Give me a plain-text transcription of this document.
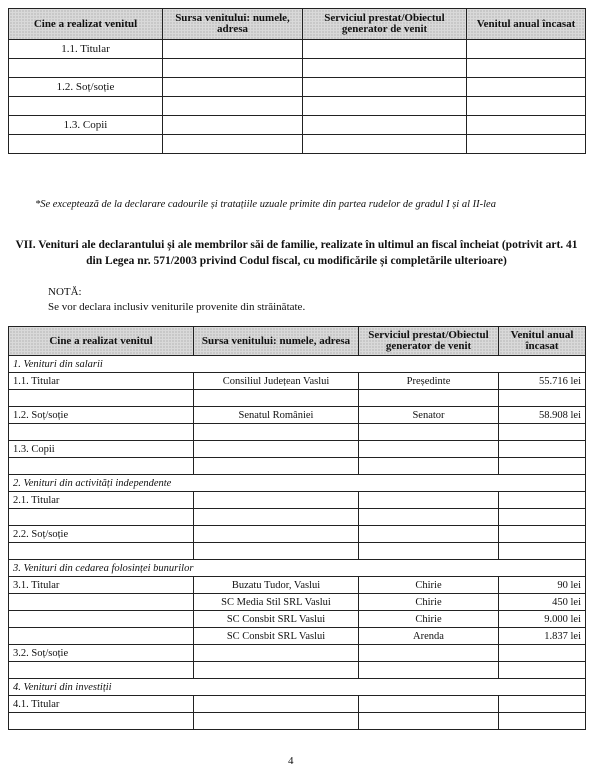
Cine a realizat venitul	Sursa venitului: numele, adresa	Serviciul prestat/Obiectul generator de venit	Venitul anual încasat
1.1. Titular			

1.2. Soț/soție			

1.3. Copii			

*Se exceptează de la declarare cadourile și tratațiile uzuale primite din partea rudelor de gradul I și al II-lea
VII. Venituri ale declarantului și ale membrilor săi de familie, realizate în ultimul an fiscal încheiat (potrivit art. 41 din Legea nr. 571/2003 privind Codul fiscal, cu modificările și completările ulterioare)
NOTĂ:
Se vor declara inclusiv veniturile provenite din străinătate.
Cine a realizat venitul	Sursa venitului: numele, adresa	Serviciul prestat/Obiectul generator de venit	Venitul anual încasat
1. Venituri din salarii			
1.1. Titular	Consiliul Județean Vaslui	Președinte	55.716 lei

1.2. Soț/soție	Senatul României	Senator	58.908 lei

1.3. Copii			

2. Venituri din activități independente			
2.1. Titular			

2.2. Soț/soție			

3. Venituri din cedarea folosinței bunurilor			
3.1. Titular	Buzatu Tudor, Vaslui	Chirie	90 lei
	SC Media Stil SRL Vaslui	Chirie	450 lei
	SC Consbit SRL Vaslui	Chirie	9.000 lei
	SC Consbit SRL Vaslui	Arenda	1.837 lei
3.2. Soț/soție			

4. Venituri din investiții			
4.1. Titular			

4
